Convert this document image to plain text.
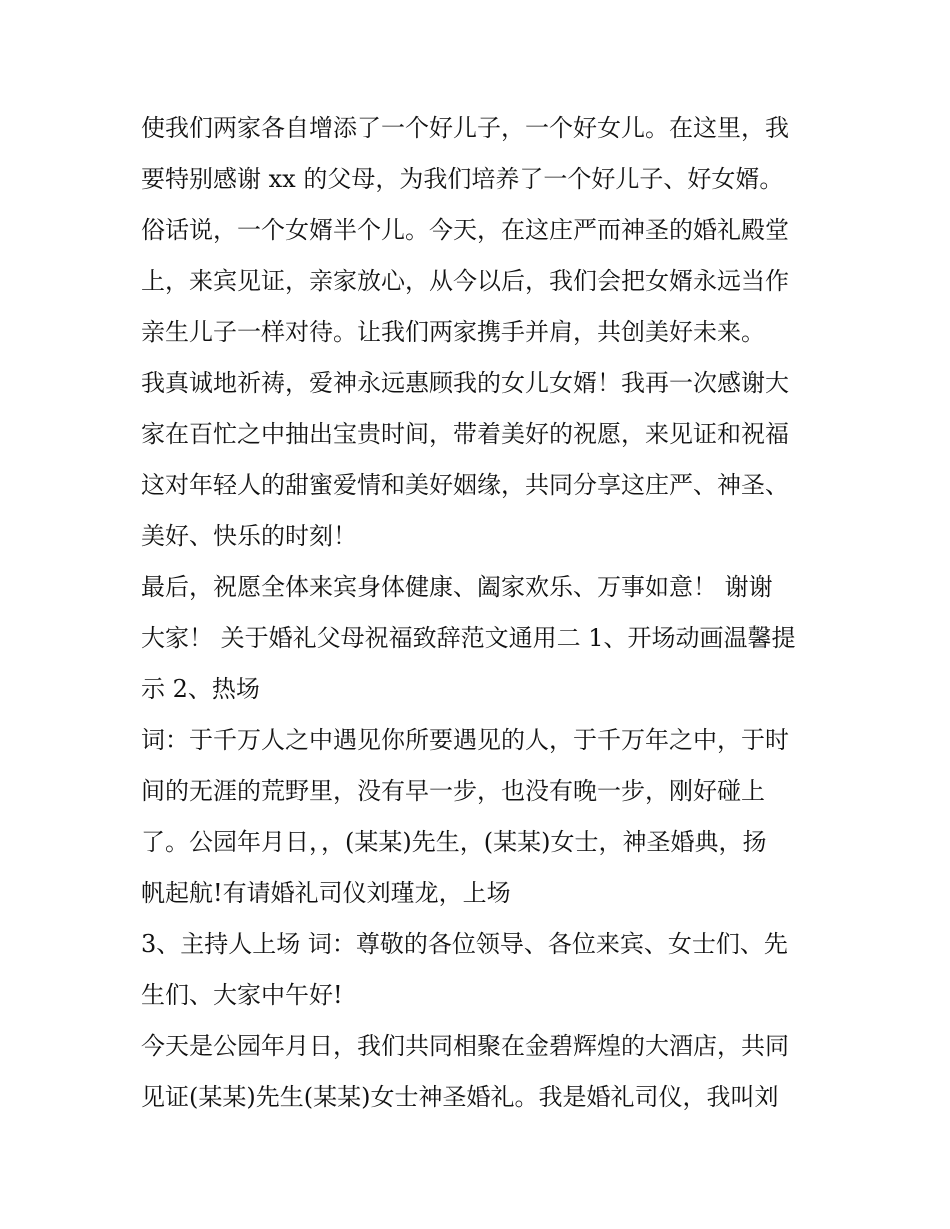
使我们两家各自增添了一个好儿子，一个好女儿。在这里，我
要特别感谢 xx 的父母，为我们培养了一个好儿子、好女婿。
俗话说，一个女婿半个儿。今天，在这庄严而神圣的婚礼殿堂
上，来宾见证，亲家放心，从今以后，我们会把女婿永远当作
亲生儿子一样对待。让我们两家携手并肩，共创美好未来。
我真诚地祈祷，爱神永远惠顾我的女儿女婿！我再一次感谢大
家在百忙之中抽出宝贵时间，带着美好的祝愿，来见证和祝福
这对年轻人的甜蜜爱情和美好姻缘，共同分享这庄严、神圣、
美好、快乐的时刻！
最后，祝愿全体来宾身体健康、阖家欢乐、万事如意！ 谢谢
大家！ 关于婚礼父母祝福致辞范文通用二 1、开场动画温馨提
示 2、热场
词：于千万人之中遇见你所要遇见的人，于千万年之中，于时
间的无涯的荒野里，没有早一步，也没有晚一步，刚好碰上
了。公园年月日，，(某某)先生，(某某)女士，神圣婚典，扬
帆起航!有请婚礼司仪刘瑾龙，上场
3、主持人上场 词：尊敬的各位领导、各位来宾、女士们、先
生们、大家中午好!
今天是公园年月日，我们共同相聚在金碧辉煌的大酒店，共同
见证(某某)先生(某某)女士神圣婚礼。我是婚礼司仪，我叫刘
